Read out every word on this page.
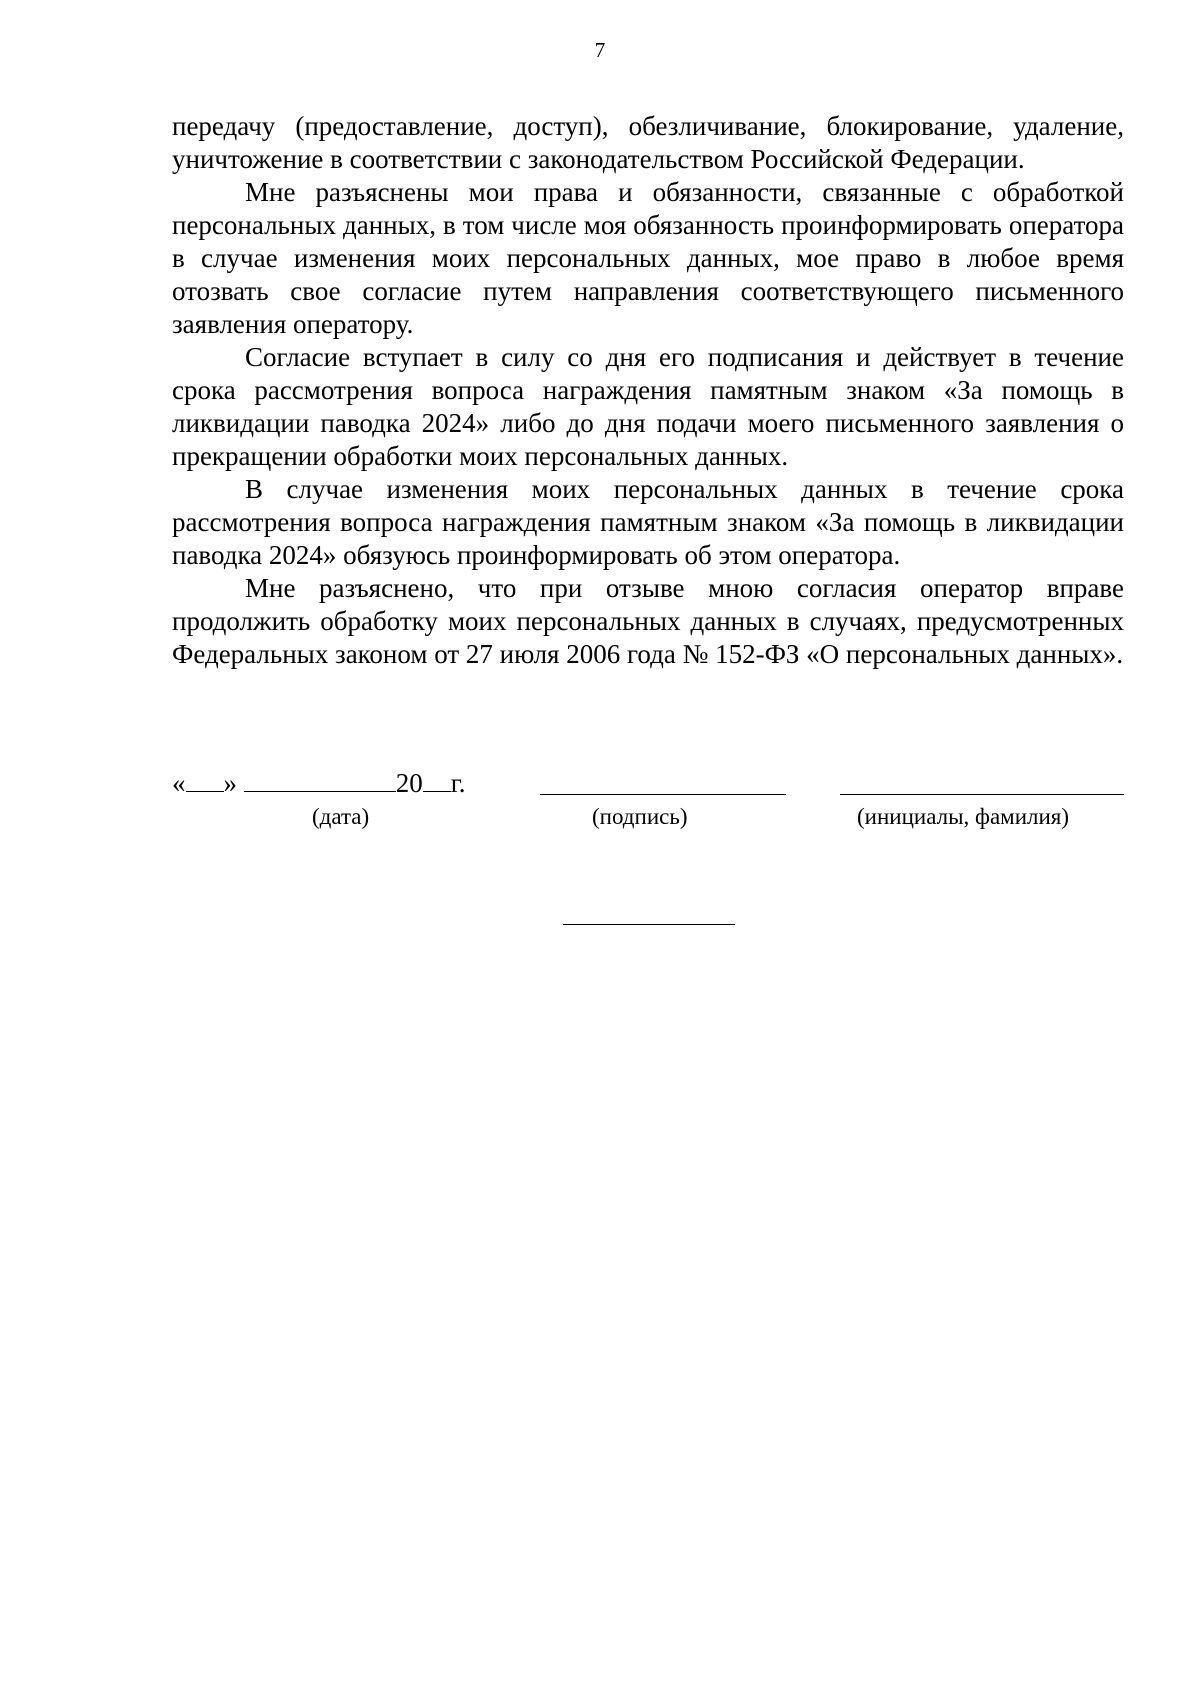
7

передачу (предоставление, доступ), обезличивание, блокирование, удаление, уничтожение в соответствии с законодательством Российской Федерации.

Мне разъяснены мои права и обязанности, связанные с обработкой персональных данных, в том числе моя обязанность проинформировать оператора в случае изменения моих персональных данных, мое право в любое время отозвать свое согласие путем направления соответствующего письменного заявления оператору.

Согласие вступает в силу со дня его подписания и действует в течение срока рассмотрения вопроса награждения памятным знаком «За помощь в ликвидации паводка 2024» либо до дня подачи моего письменного заявления о прекращении обработки моих персональных данных.

В случае изменения моих персональных данных в течение срока рассмотрения вопроса награждения памятным знаком «За помощь в ликвидации паводка 2024» обязуюсь проинформировать об этом оператора.

Мне разъяснено, что при отзыве мною согласия оператор вправе продолжить обработку моих персональных данных в случаях, предусмотренных Федеральных законом от 27 июля 2006 года № 152-ФЗ «О персональных данных».

« »	20 г.
(дата)	(подпись)	(инициалы, фамилия)
